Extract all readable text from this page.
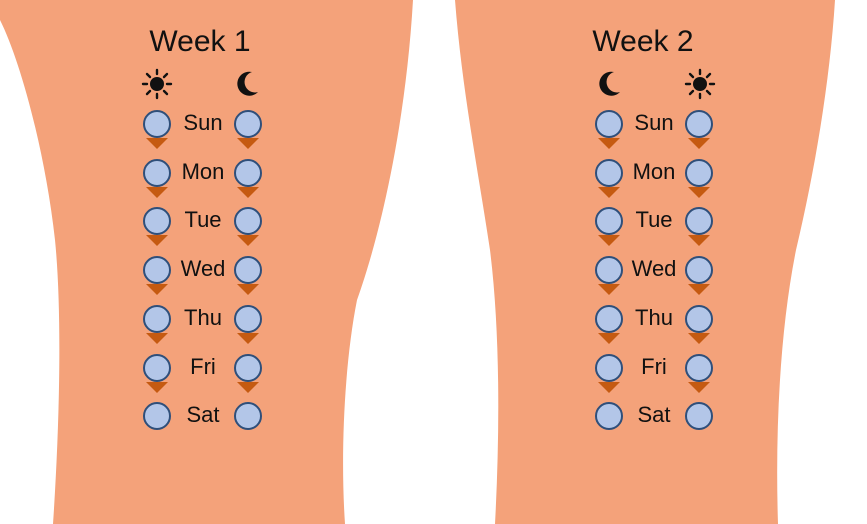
Week 1
Sun
Mon
Tue
Wed
Thu
Fri
Sat
Week 2
Sun
Mon
Tue
Wed
Thu
Fri
Sat
